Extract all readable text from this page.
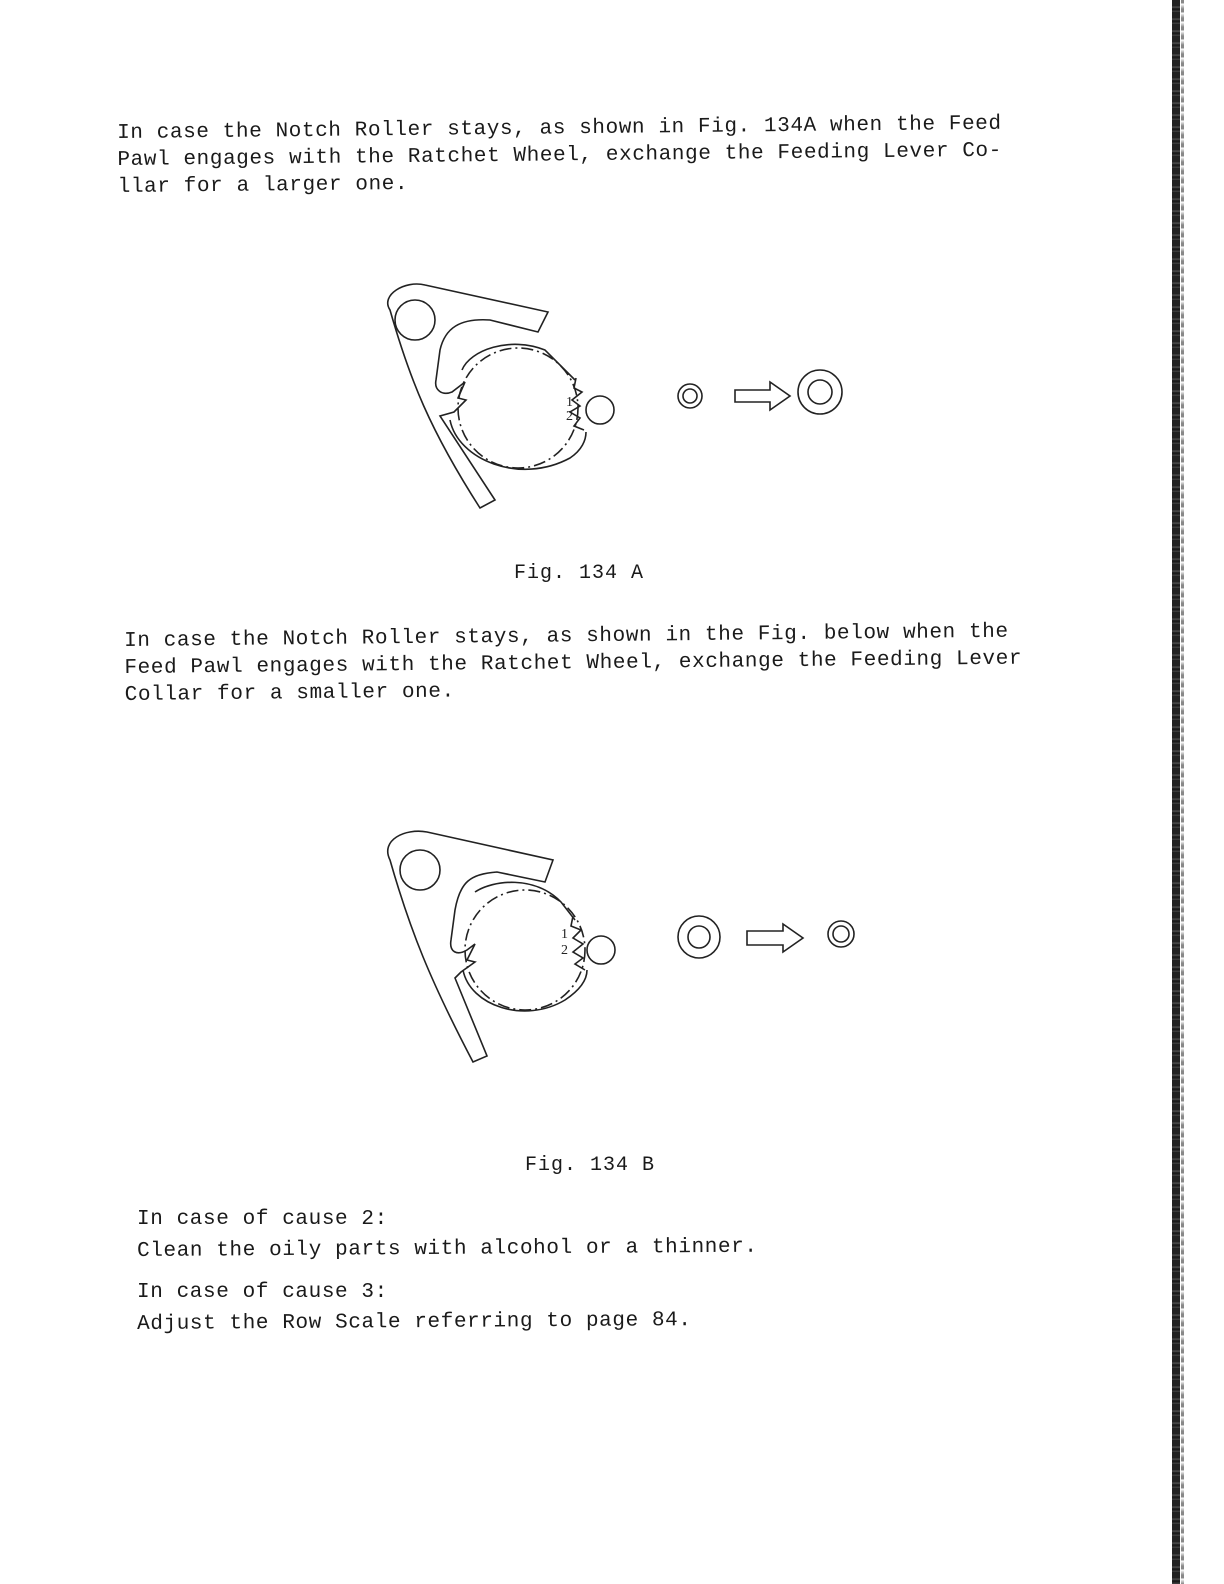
In case the Notch Roller stays, as shown in Fig. 134A when the Feed
Pawl engages with the Ratchet Wheel, exchange the Feeding Lever Co-
llar for a larger one.

1
2
Fig. 134 A

In case the Notch Roller stays, as shown in the Fig. below when the
Feed Pawl engages with the Ratchet Wheel, exchange the Feeding Lever
Collar for a smaller one.

1
2
Fig. 134 B

In case of cause 2:

Clean the oily parts with alcohol or a thinner.

In case of cause 3:

Adjust the Row Scale referring to page 84.
